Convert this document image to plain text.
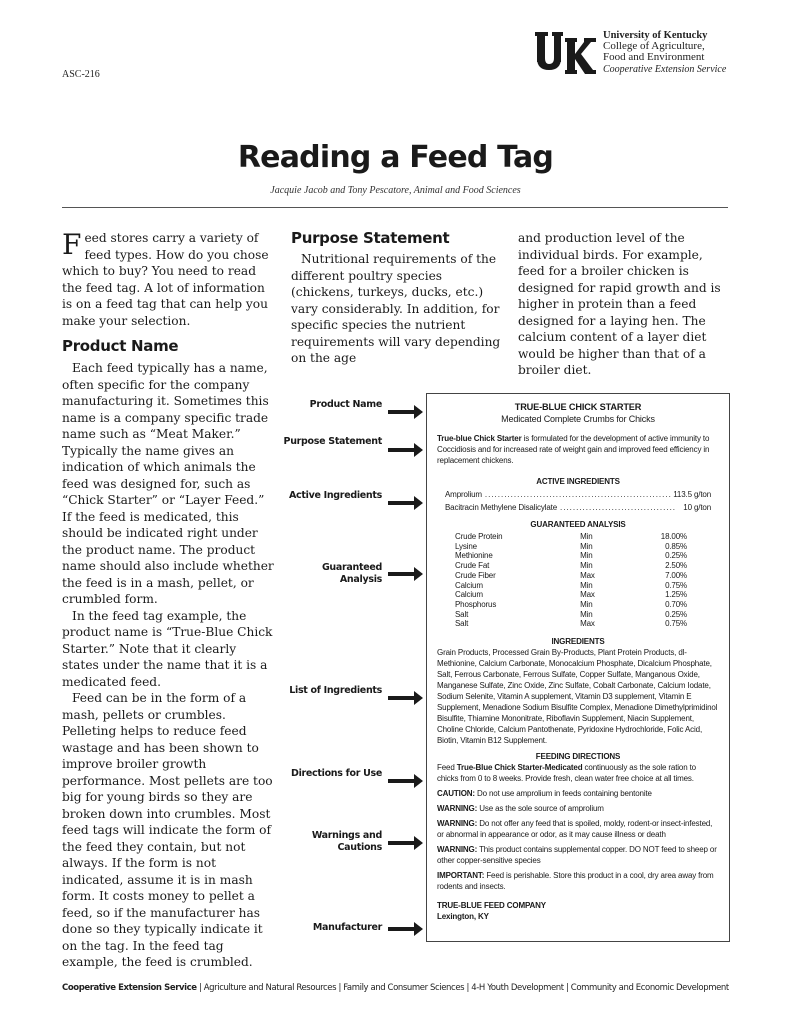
ASC-216
University of Kentucky
College of Agriculture,
Food and Environment
Cooperative Extension Service
Reading a Feed Tag
Jacquie Jacob and Tony Pescatore, Animal and Food Sciences

Feed stores carry a variety of feed types. How do you chose which to buy? You need to read the feed tag. A lot of information is on a feed tag that can help you make your selection.

Product Name

Each feed typically has a name, often specific for the company manufacturing it. Sometimes this name is a company specific trade name such as “Meat Maker.” Typically the name gives an indication of which animals the feed was designed for, such as “Chick Starter” or “Layer Feed.” If the feed is medicated, this should be indicated right under the product name. The product name should also include whether the feed is in a mash, pellet, or crumbled form.

In the feed tag example, the product name is “True-Blue Chick Starter.” Note that it clearly states under the name that it is a medicated feed.

Feed can be in the form of a mash, pellets or crumbles. Pelleting helps to reduce feed wastage and has been shown to improve broiler growth performance. Most pellets are too big for young birds so they are broken down into crumbles. Most feed tags will indicate the form of the feed they contain, but not always. If the form is not indicated, assume it is in mash form. It costs money to pellet a feed, so if the manufacturer has done so they typically indicate it on the tag. In the feed tag example, the feed is crumbled.

Purpose Statement

Nutritional requirements of the different poultry species (chickens, turkeys, ducks, etc.) vary considerably. In addition, for specific species the nutrient requirements will vary depending on the age

and production level of the individual birds. For example, feed for a broiler chicken is designed for rapid growth and is higher in protein than a feed designed for a laying hen. The calcium content of a layer diet would be higher than that of a broiler diet.

Product Name
Purpose Statement
Active Ingredients
Guaranteed Analysis
List of Ingredients
Directions for Use
Warnings and Cautions
Manufacturer
TRUE-BLUE CHICK STARTER
Medicated Complete Crumbs for Chicks

True-blue Chick Starter is formulated for the development of active immunity to Coccidiosis and for increased rate of weight gain and improved feed efficiency in replacement chickens.

ACTIVE INGREDIENTS
Amprolium .......................................................... 113.5 g/ton
Bacitracin Methylene Disalicylate .................................... 10 g/ton
GUARANTEED ANALYSIS
Crude Protein	Min	18.00%
Lysine	Min	0.85%
Methionine	Min	0.25%
Crude Fat	Min	2.50%
Crude Fiber	Max	7.00%
Calcium	Min	0.75%
Calcium	Max	1.25%
Phosphorus	Min	0.70%
Salt	Min	0.25%
Salt	Max	0.75%
INGREDIENTS

Grain Products, Processed Grain By-Products, Plant Protein Products, dl-Methionine, Calcium Carbonate, Monocalcium Phosphate, Dicalcium Phosphate, Salt, Ferrous Carbonate, Ferrous Sulfate, Copper Sulfate, Manganous Oxide, Manganese Sulfate, Zinc Oxide, Zinc Sulfate, Cobalt Carbonate, Calcium Iodate, Sodium Selenite, Vitamin A supplement, Vitamin D3 supplement, Vitamin E Supplement, Menadione Sodium Bisulfite Complex, Menadione Dimethylprimidinol Bisulfite, Thiamine Mononitrate, Riboflavin Supplement, Niacin Supplement, Choline Chloride, Calcium Pantothenate, Pyridoxine Hydrochloride, Folic Acid, Biotin, Vitamin B12 Supplement.

FEEDING DIRECTIONS

Feed True-Blue Chick Starter-Medicated continuously as the sole ration to chicks from 0 to 8 weeks. Provide fresh, clean water free choice at all times.

CAUTION: Do not use amprolium in feeds containing bentonite

WARNING: Use as the sole source of amprolium

WARNING: Do not offer any feed that is spoiled, moldy, rodent-or insect-infested, or abnormal in appearance or odor, as it may cause illness or death

WARNING: This product contains supplemental copper. DO NOT feed to sheep or other copper-sensitive species

IMPORTANT: Feed is perishable. Store this product in a cool, dry area away from rodents and insects.

TRUE-BLUE FEED COMPANY
Lexington, KY

Cooperative Extension Service | Agriculture and Natural Resources | Family and Consumer Sciences | 4-H Youth Development | Community and Economic Development
